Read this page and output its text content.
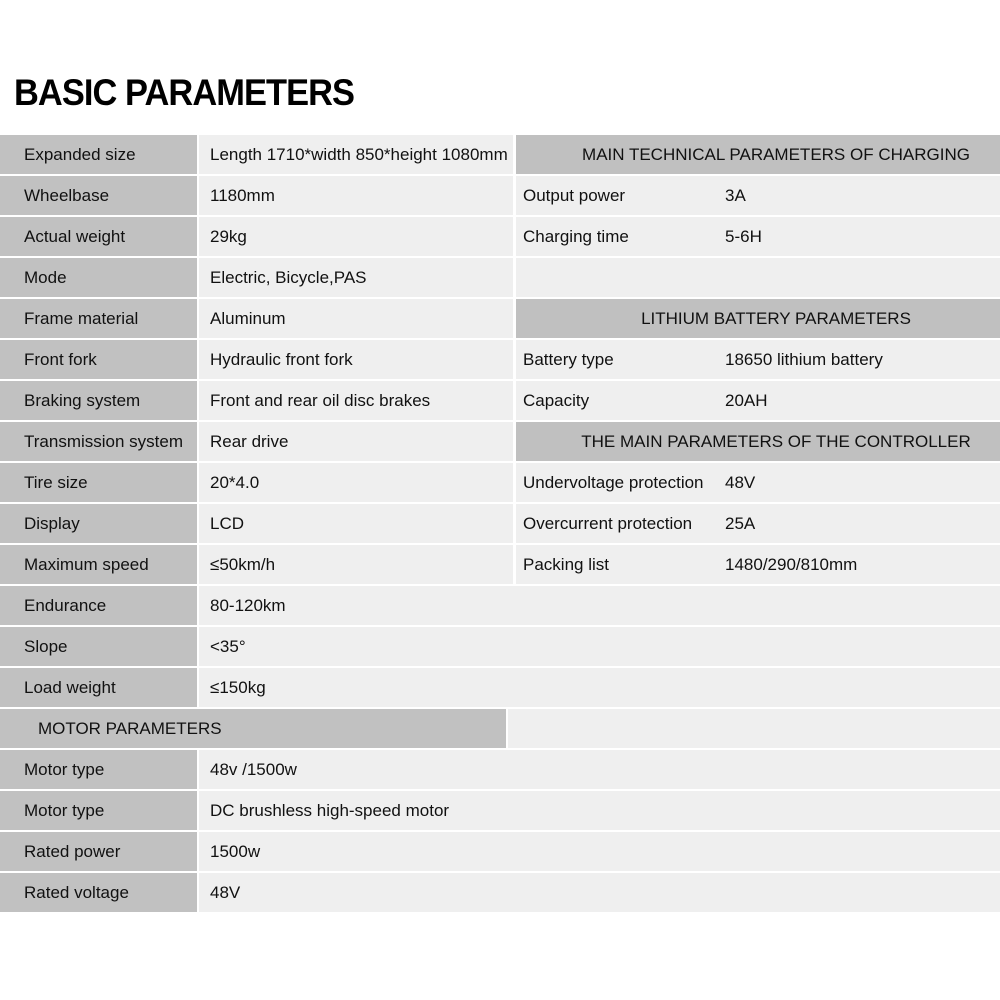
BASIC PARAMETERS
Expanded size	Length 1710*width 850*height 1080mm	MAIN TECHNICAL PARAMETERS OF CHARGING
Wheelbase	1180mm	Output power	3A
Actual weight	29kg	Charging time	5-6H
Mode	Electric, Bicycle,PAS
Frame material	Aluminum	LITHIUM BATTERY PARAMETERS
Front fork	Hydraulic front fork	Battery type	18650 lithium battery
Braking system	Front and rear oil disc brakes	Capacity	20AH
Transmission system	Rear drive	THE MAIN PARAMETERS OF THE CONTROLLER
Tire size	20*4.0	Undervoltage protection	48V
Display	LCD	Overcurrent protection	25A
Maximum speed	≤50km/h	Packing list	1480/290/810mm
Endurance	80-120km
Slope	<35°
Load weight	≤150kg
MOTOR PARAMETERS
Motor type	48v /1500w
Motor type	DC brushless high-speed motor
Rated power	1500w
Rated voltage	48V
